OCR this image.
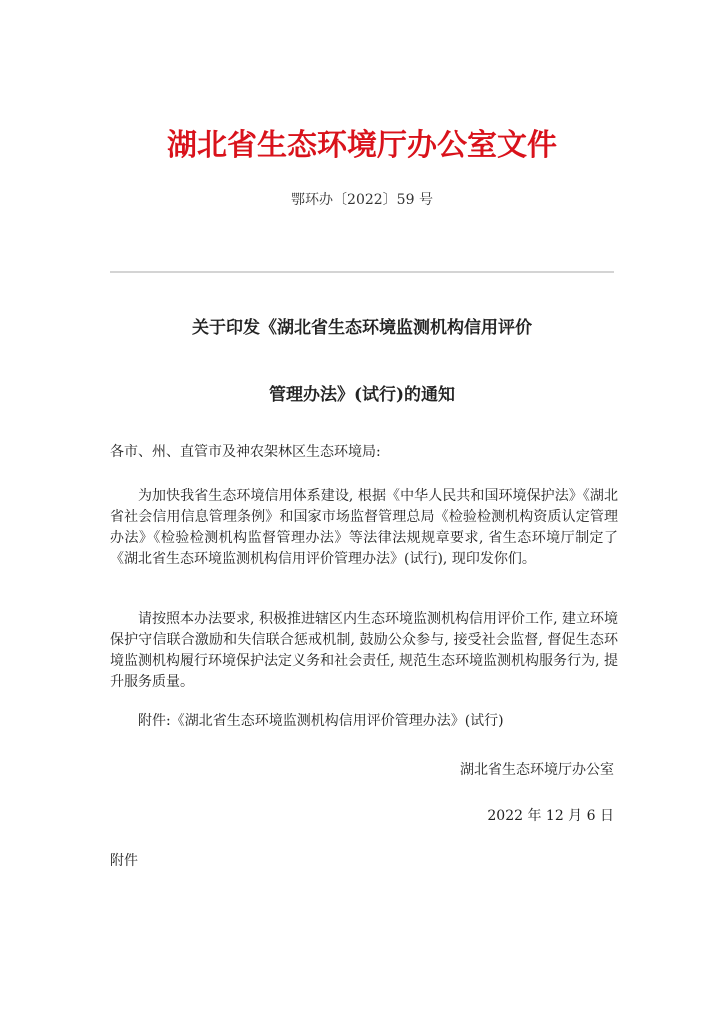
湖北省生态环境厅办公室文件
鄂环办〔2022〕59 号
关于印发《湖北省生态环境监测机构信用评价
管理办法》(试行)的通知
各市、州、直管市及神农架林区生态环境局:
为加快我省生态环境信用体系建设, 根据《中华人民共和国环境保护法》《湖北省社会信用信息管理条例》和国家市场监督管理总局《检验检测机构资质认定管理办法》《检验检测机构监督管理办法》等法律法规规章要求, 省生态环境厅制定了《湖北省生态环境监测机构信用评价管理办法》(试行), 现印发你们。
请按照本办法要求, 积极推进辖区内生态环境监测机构信用评价工作, 建立环境保护守信联合激励和失信联合惩戒机制, 鼓励公众参与, 接受社会监督, 督促生态环境监测机构履行环境保护法定义务和社会责任, 规范生态环境监测机构服务行为, 提升服务质量。
附件:《湖北省生态环境监测机构信用评价管理办法》(试行)
湖北省生态环境厅办公室
2022 年 12 月 6 日
附件
